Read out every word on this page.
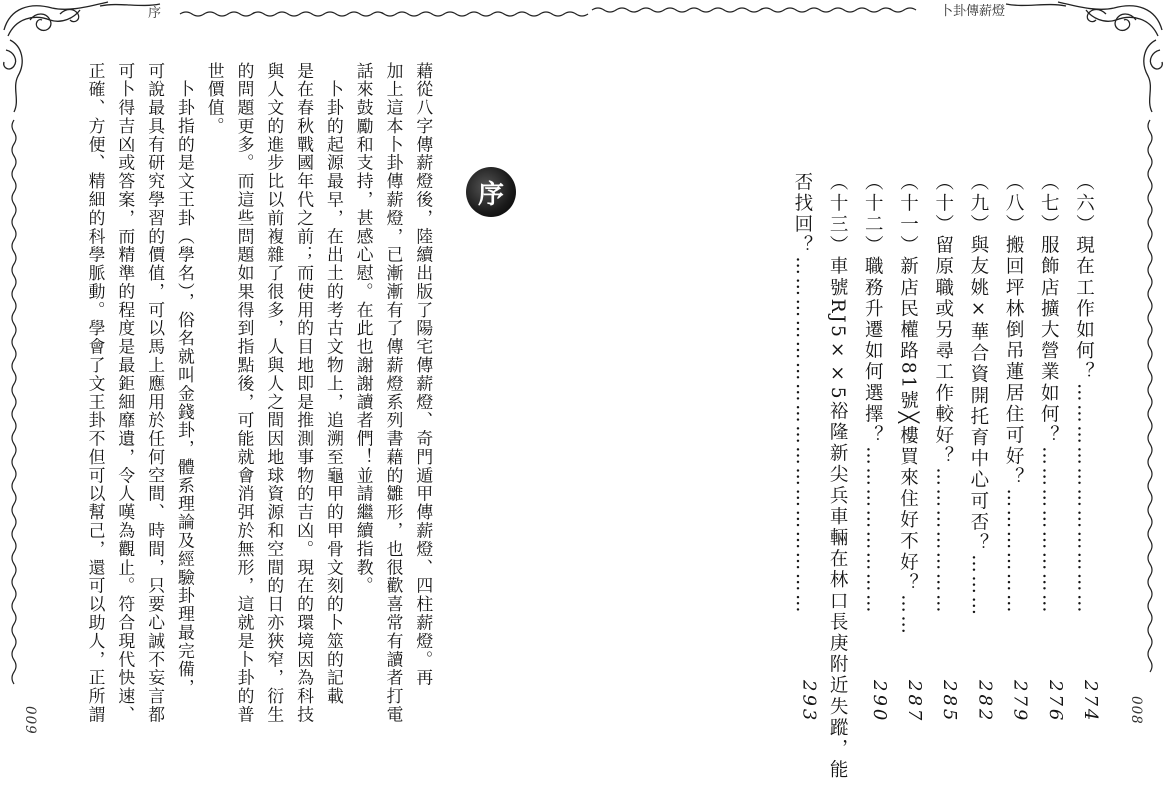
序	卜卦傳薪燈
009	008
序
藉從八字傳薪燈後，陸續出版了陽宅傳薪燈、奇門遁甲傳薪燈、四柱薪燈。再
加上這本卜卦傳薪燈，已漸漸有了傳薪燈系列書藉的雛形，也很歡喜常有讀者打電
話來鼓勵和支持，甚感心慰。在此也謝謝讀者們！並請繼續指教。
　卜卦的起源最早，在出土的考古文物上，追溯至龜甲的甲骨文刻的卜筮的記載
是在春秋戰國年代之前；而使用的目地即是推測事物的吉凶。現在的環境因為科技
與人文的進步比以前複雜了很多，人與人之間因地球資源和空間的日亦狹窄，衍生
的問題更多。而這些問題如果得到指點後，可能就會消弭於無形，這就是卜卦的普
世價值。
　卜卦指的是文王卦（學名），俗名就叫金錢卦，體系理論及經驗卦理最完備，
可說最具有研究學習的價值，可以馬上應用於任何空間、時間，只要心誠不妄言都
可卜得吉凶或答案，而精準的程度是最鉅細靡遺，令人嘆為觀止。符合現代快速、
正確、方便、精細的科學脈動。學會了文王卦不但可以幫己，還可以助人，正所謂	（六）現在工作如何？……………………………
274
（七）服飾店擴大營業如何？……………………
276
（八）搬回坪林倒吊蓮居住可好？………………
279
（九）與友姚×華合資開托育中心可否？………
282
（十）留原職或另尋工作較好？…………………
285
（十一）新店民權路81號╳樓買來住好不好？……
287
（十二）職務升遷如何選擇？……………………
290
（十三）車號RJ5××5裕隆新尖兵車輛在林口長庚附近失蹤，能
否找回？……………………………………………
293
